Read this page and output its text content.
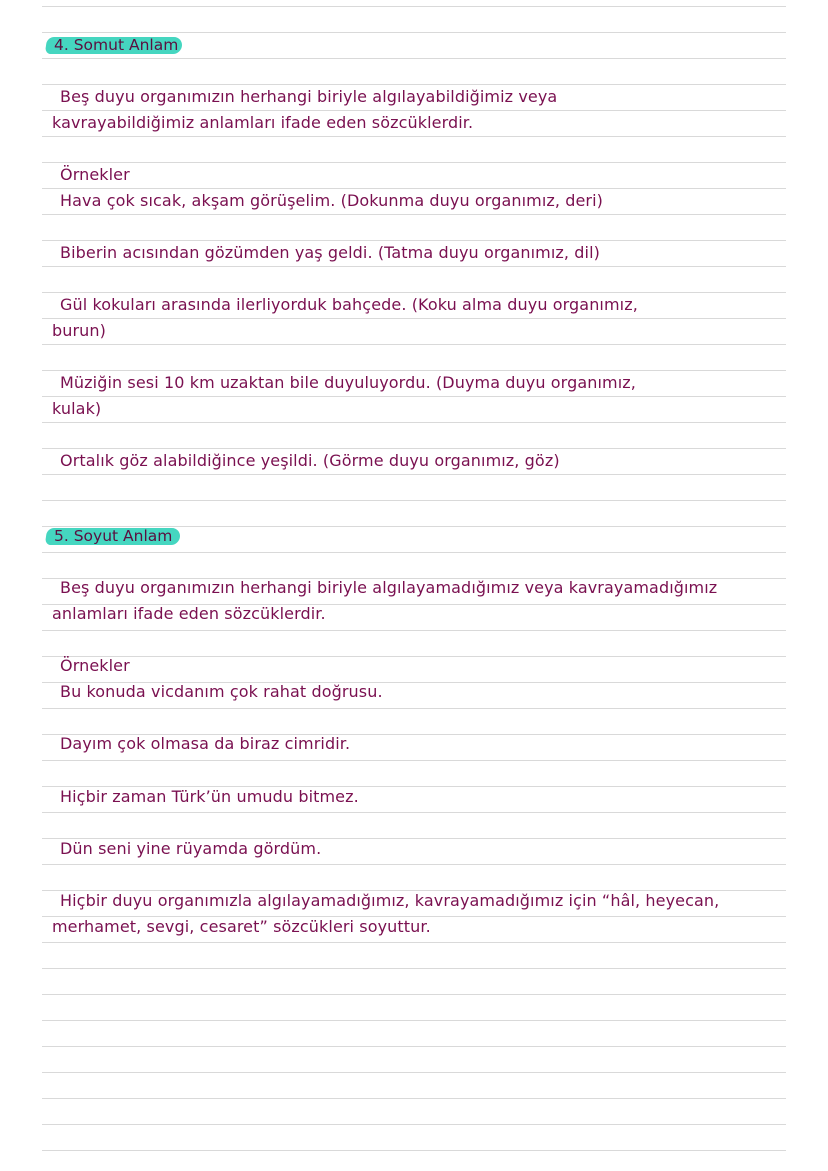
4. Somut Anlam
Beş duyu organımızın herhangi biriyle algılayabildiğimiz veya
kavrayabildiğimiz anlamları ifade eden sözcüklerdir.
Örnekler
Hava çok sıcak, akşam görüşelim. (Dokunma duyu organımız, deri)
Biberin acısından gözümden yaş geldi. (Tatma duyu organımız, dil)
Gül kokuları arasında ilerliyorduk bahçede. (Koku alma duyu organımız,
burun)
Müziğin sesi 10 km uzaktan bile duyuluyordu. (Duyma duyu organımız,
kulak)
Ortalık göz alabildiğince yeşildi. (Görme duyu organımız, göz)
5. Soyut Anlam
Beş duyu organımızın herhangi biriyle algılayamadığımız veya kavrayamadığımız
anlamları ifade eden sözcüklerdir.
Örnekler
Bu konuda vicdanım çok rahat doğrusu.
Dayım çok olmasa da biraz cimridir.
Hiçbir zaman Türk’ün umudu bitmez.
Dün seni yine rüyamda gördüm.
Hiçbir duyu organımızla algılayamadığımız, kavrayamadığımız için “hâl, heyecan,
merhamet, sevgi, cesaret” sözcükleri soyuttur.
